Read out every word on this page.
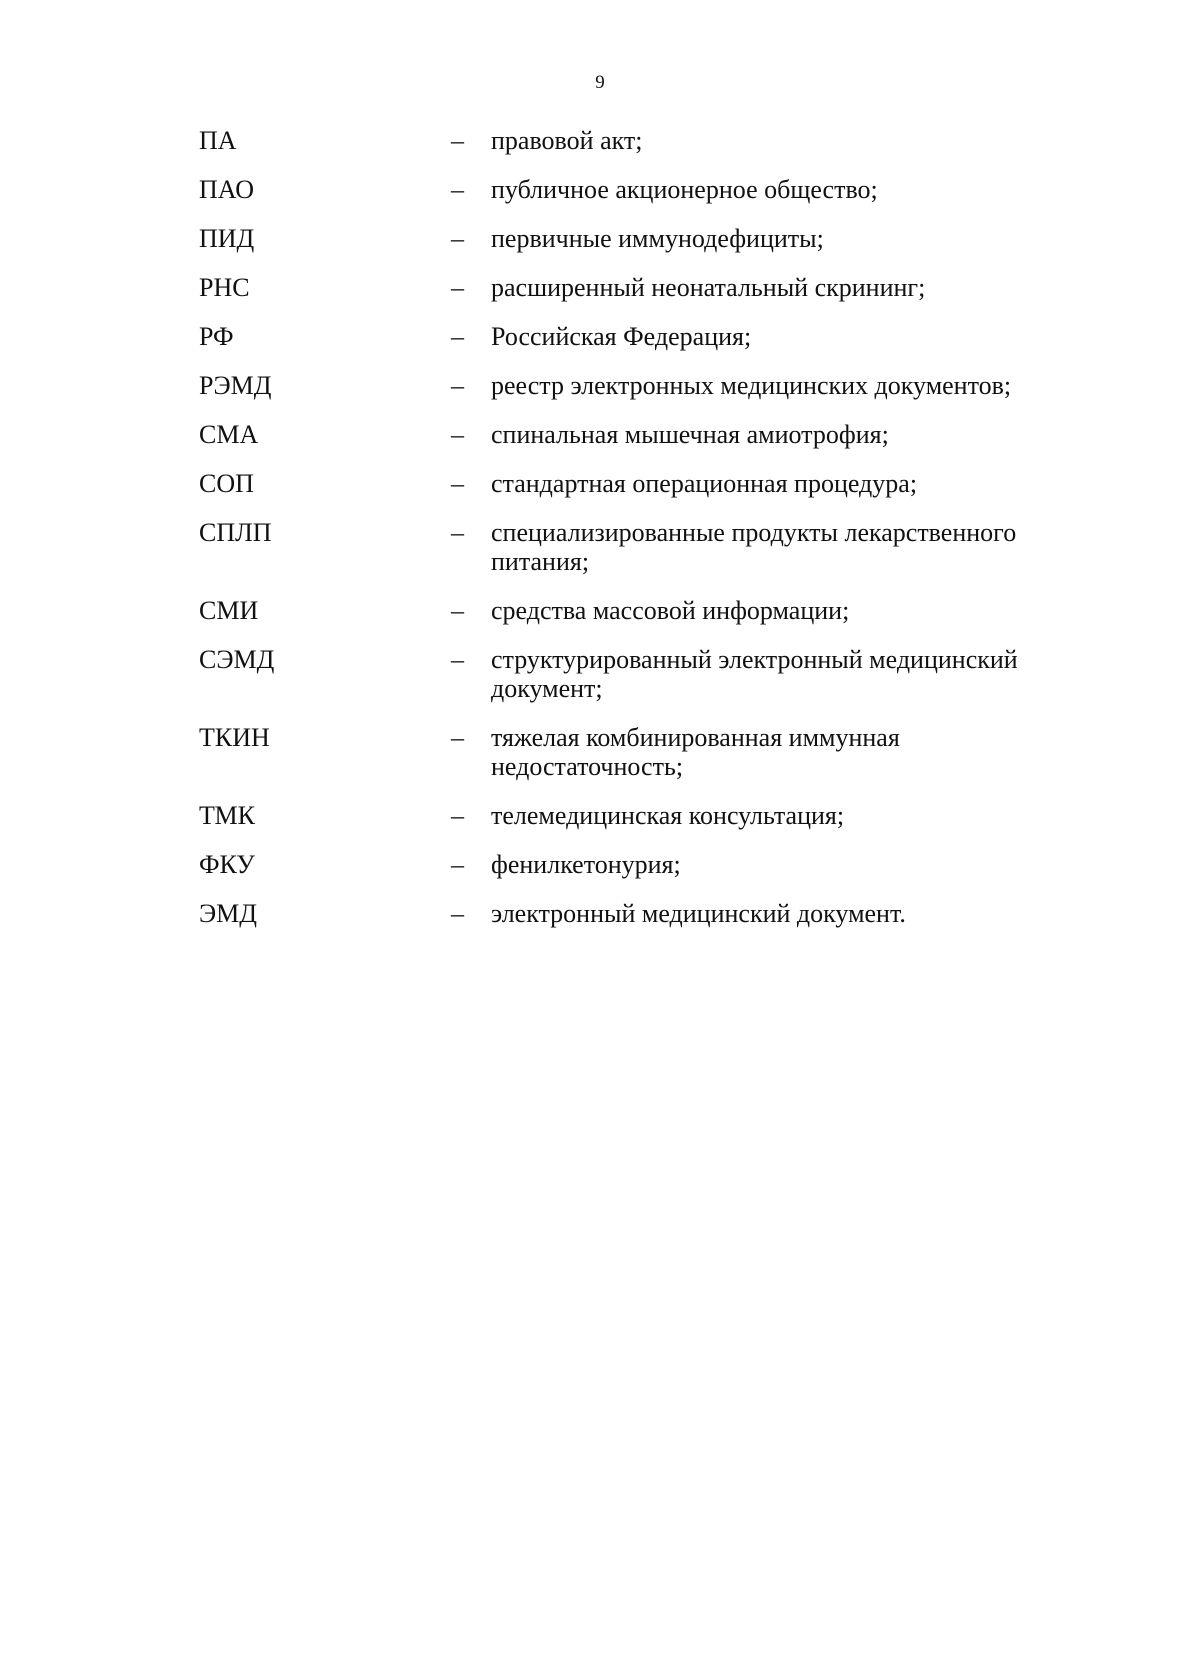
9
ПА	– правовой акт;
ПАО	– публичное акционерное общество;
ПИД	– первичные иммунодефициты;
РНС	– расширенный неонатальный скрининг;
РФ	– Российская Федерация;
РЭМД	– реестр электронных медицинских документов;
СМА	– спинальная мышечная амиотрофия;
СОП	– стандартная операционная процедура;
СПЛП	– специализированные продукты лекарственного питания;
СМИ	– средства массовой информации;
СЭМД	– структурированный электронный медицинский документ;
ТКИН	– тяжелая комбинированная иммунная недостаточность;
ТМК	– телемедицинская консультация;
ФКУ	– фенилкетонурия;
ЭМД	– электронный медицинский документ.
